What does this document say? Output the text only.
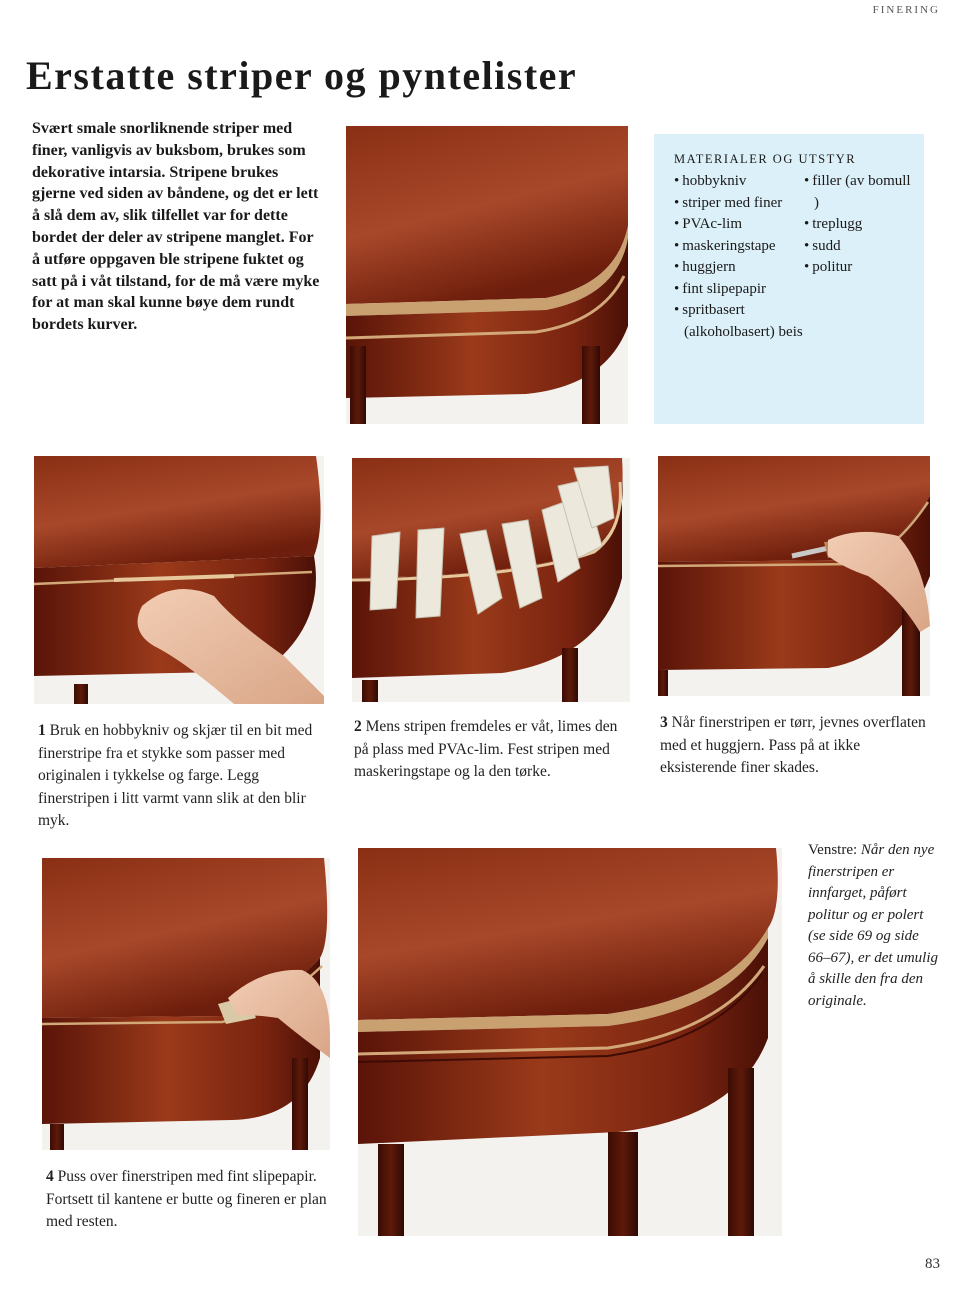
FINERING
Erstatte striper og pyntelister

Svært smale snorliknende striper med finer, vanligvis av buksbom, brukes som dekorative intarsia. Stripene brukes gjerne ved siden av båndene, og det er lett å slå dem av, slik tilfellet var for dette bordet der deler av stripene manglet. For å utføre oppgaven ble stripene fuktet og satt på i våt tilstand, for de må være myke for at man skal kunne bøye dem rundt bordets kurver.

MATERIALER OG UTSTYR
• hobbykniv
• striper med finer
• PVAc-lim
• maskeringstape
• huggjern
• fint slipepapir
• spritbasert (alkoholbasert) beis
• filler (av bomull )
• treplugg
• sudd
• politur

1 Bruk en hobbykniv og skjær til en bit med finerstripe fra et stykke som passer med originalen i tykkelse og farge. Legg finerstripen i litt varmt vann slik at den blir myk.

2 Mens stripen fremdeles er våt, limes den på plass med PVAc-lim. Fest stripen med maskeringstape og la den tørke.

3 Når finerstripen er tørr, jevnes overflaten med et huggjern. Pass på at ikke eksisterende finer skades.

4 Puss over finerstripen med fint slipepapir. Fortsett til kantene er butte og fineren er plan med resten.

Venstre: Når den nye finerstripen er innfarget, påført politur og er polert (se side 69 og side 66–67), er det umulig å skille den fra den originale.

83
